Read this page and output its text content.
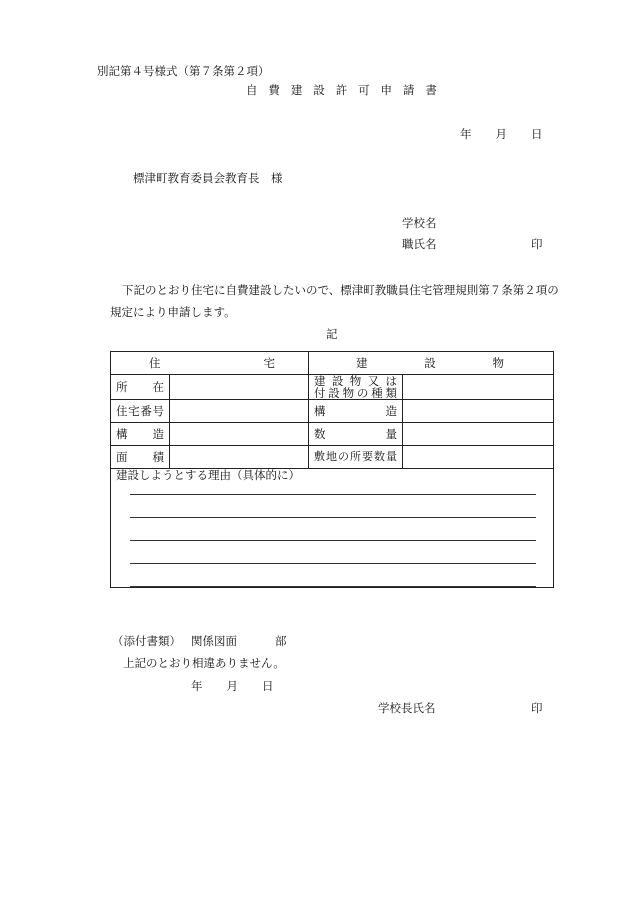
別記第４号様式（第７条第２項）
自費建設許可申請書
年 月 日
標津町教育委員会教育長　様
学校名
職氏名	印
下記のとおり住宅に自費建設したいので、標津町教職員住宅管理規則第７条第２項の
規定により申請します。
記
住 宅		建 設 物	

所　在		建設物又は
付設物の種類	

住宅番号		構　造	
構　造		数　量	
面　積		敷地の所要数量	

建設しようとする理由（具体的に）			
（添付書類） 関係図面	部
上記のとおり相違ありません。
年 月 日
学校長氏名	印
